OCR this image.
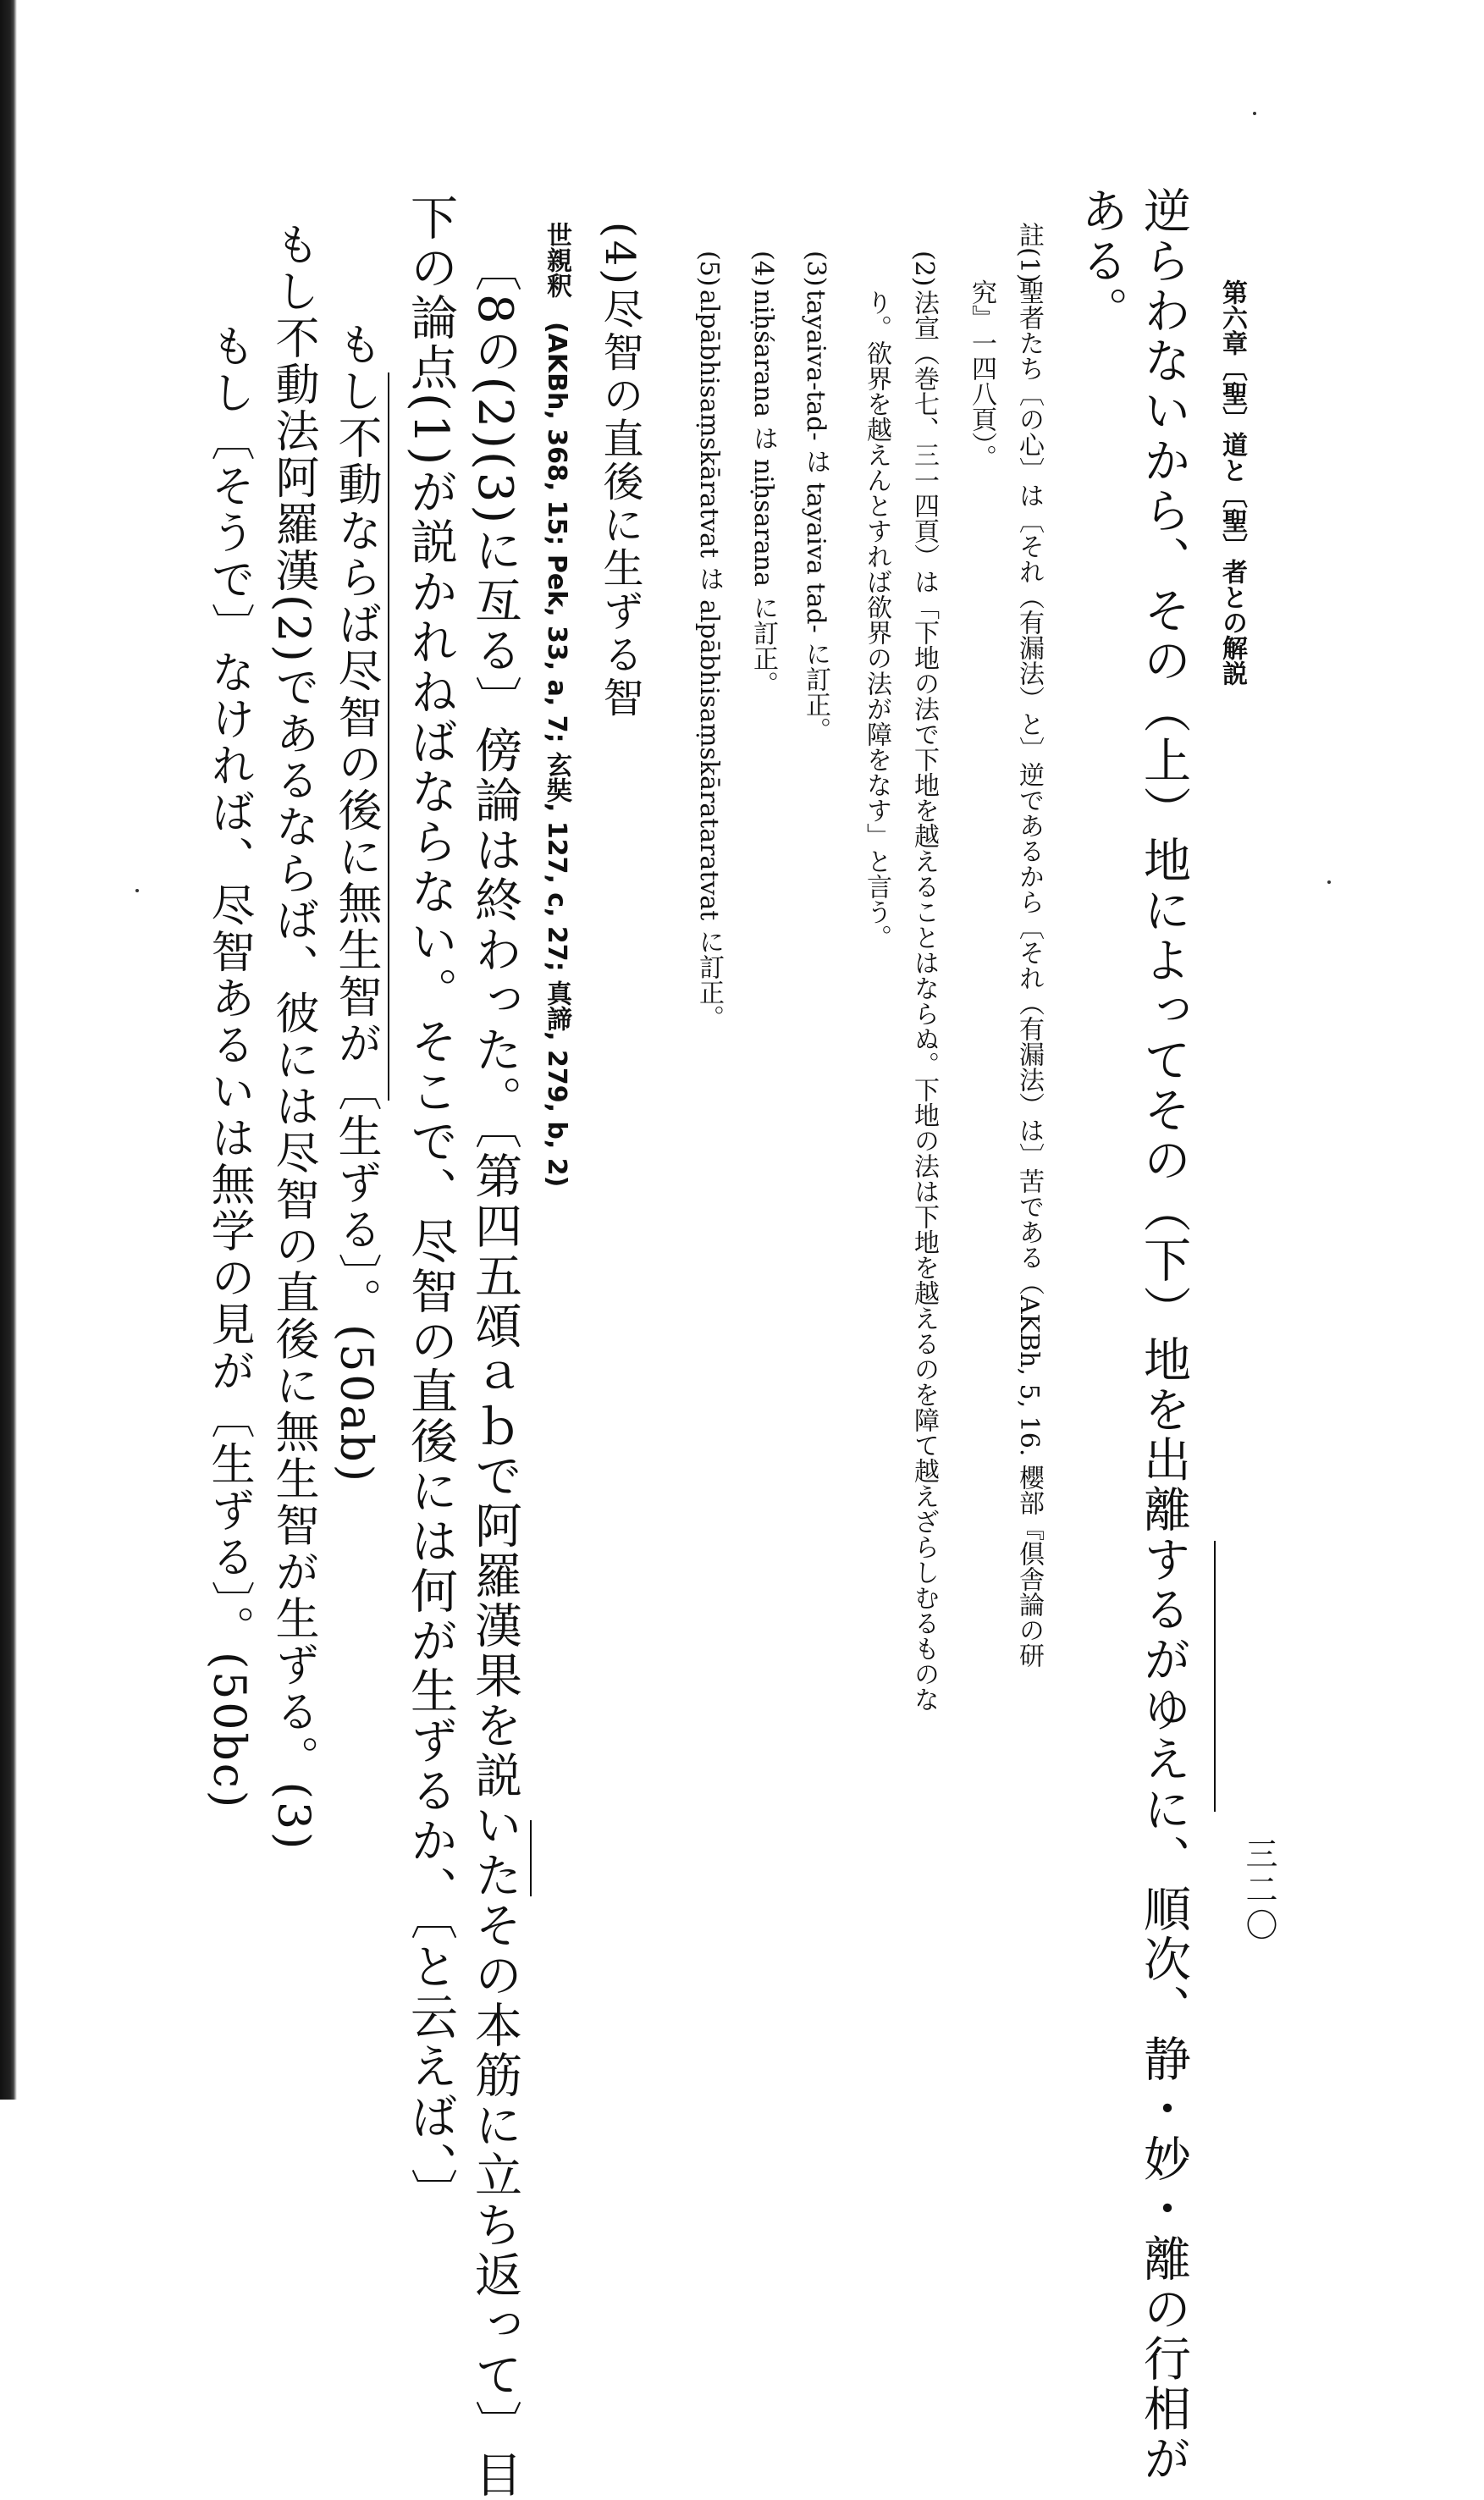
第六章〔聖〕道と〔聖〕者との解説
三二〇
逆らわないから、その（上）地によってその（下）地を出離するがゆえに、順次、静・妙・離の行相が
ある。
註(1)
聖者たち〔の心〕は〔それ（有漏法）と〕逆であるから〔それ（有漏法）は〕苦である（AKBh, 5, 16. 櫻部『倶舎論の研
究』一四八頁）。
(2)
法宣（巻七、三一四頁）は「下地の法で下地を越えることはならぬ。下地の法は下地を越えるのを障て越えざらしむるものな
り。欲界を越えんとすれば欲界の法が障をなす」と言う。
(3)
tayaiva-tad- は tayaiva tad- に訂正。
(4)
niḥśarana は niḥsarana に訂正。
(5)
alpābhisaṃskāratvat は alpābhisaṃskārataratvat に訂正。
(4)
尽智の直後に生ずる智
世親釈
(AKBh, 368, 15; Pek, 33, a, 7; 玄奘, 127, c, 27; 真諦, 279, b, 2)
〔8の(2)(3)に亙る〕傍論は終わった。〔第四五頌ａｂで阿羅漢果を説いたその本筋に立ち返って〕目
下の論点(1)が説かれねばならない。そこで、尽智の直後には何が生ずるか、〔と云えば、〕
もし不動ならば尽智の後に無生智が〔生ずる〕。(50ab)
もし不動法阿羅漢(2)であるならば、彼には尽智の直後に無生智が生ずる。(3)
もし〔そうで〕なければ、尽智あるいは無学の見が〔生ずる〕。(50bc)
